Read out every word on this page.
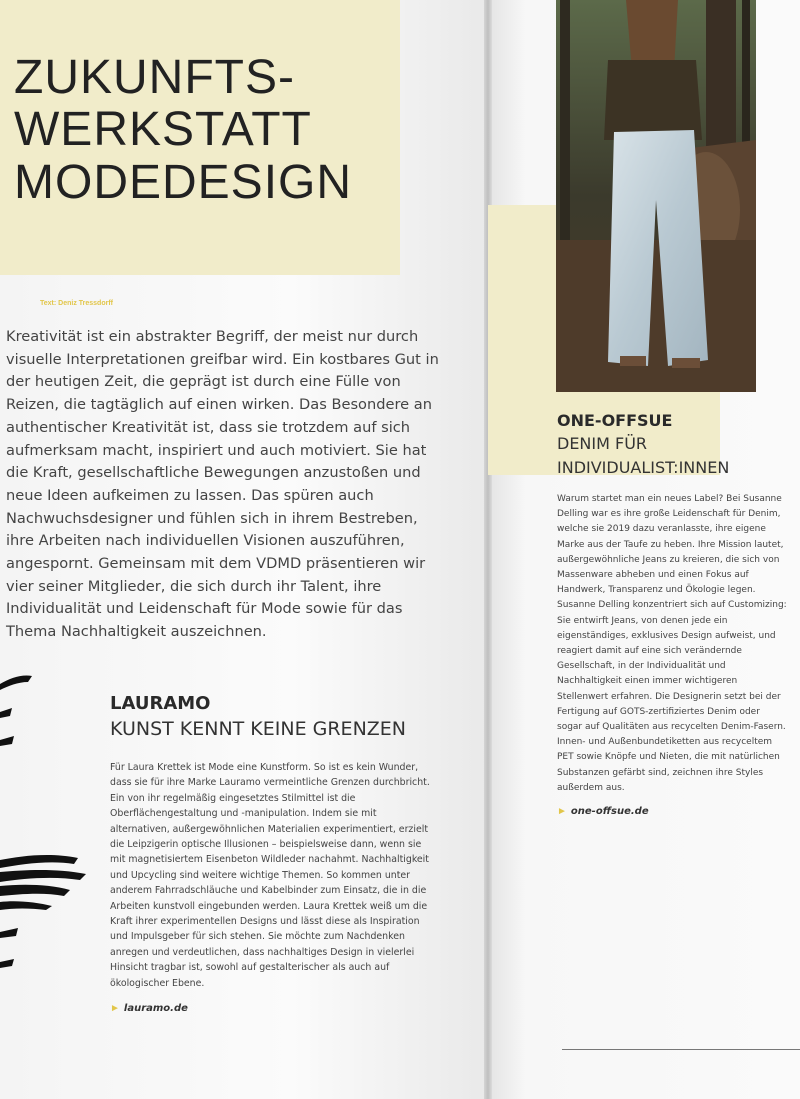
ZUKUNFTS-
WERKSTATT
MODEDESIGN
Text: Deniz Tressdorff

Kreativität ist ein abstrakter Begriff, der meist nur durch visuelle Interpretationen greifbar wird. Ein kostbares Gut in der heutigen Zeit, die geprägt ist durch eine Fülle von Reizen, die tagtäglich auf einen wirken. Das Besondere an authentischer Kreativität ist, dass sie trotzdem auf sich aufmerksam macht, inspiriert und auch motiviert. Sie hat die Kraft, gesellschaftliche Bewegungen anzustoßen und neue Ideen aufkeimen zu lassen. Das spüren auch Nachwuchsdesigner und fühlen sich in ihrem Bestreben, ihre Arbeiten nach individuellen Visionen auszuführen, angespornt. Gemeinsam mit dem VDMD präsentieren wir vier seiner Mitglieder, die sich durch ihr Talent, ihre Individualität und Leidenschaft für Mode sowie für das Thema Nachhaltigkeit auszeichnen.

LAURAMO
KUNST KENNT KEINE GRENZEN

Für Laura Krettek ist Mode eine Kunstform. So ist es kein Wunder, dass sie für ihre Marke Lauramo vermeintliche Grenzen durchbricht. Ein von ihr regelmäßig eingesetztes Stilmittel ist die Oberflächengestaltung und -manipulation. Indem sie mit alternativen, außergewöhnlichen Materialien experimentiert, erzielt die Leipzigerin optische Illusionen – beispielsweise dann, wenn sie mit magnetisiertem Eisenbeton Wildleder nachahmt. Nachhaltigkeit und Upcycling sind weitere wichtige Themen. So kommen unter anderem Fahrradschläuche und Kabelbinder zum Einsatz, die in die Arbeiten kunstvoll eingebunden werden. Laura Krettek weiß um die Kraft ihrer experimentellen Designs und lässt diese als Inspiration und Impulsgeber für sich stehen. Sie möchte zum Nachdenken anregen und verdeutlichen, dass nachhaltiges Design in vielerlei Hinsicht tragbar ist, sowohl auf gestalterischer als auch auf ökologischer Ebene.

► lauramo.de
ONE-OFFSUE
DENIM FÜR
INDIVIDUALIST:INNEN

Warum startet man ein neues Label? Bei Susanne Delling war es ihre große Leidenschaft für Denim, welche sie 2019 dazu veranlasste, ihre eigene Marke aus der Taufe zu heben. Ihre Mission lautet, außergewöhnliche Jeans zu kreieren, die sich von Massenware abheben und einen Fokus auf Handwerk, Transparenz und Ökologie legen. Susanne Delling konzentriert sich auf Customizing: Sie entwirft Jeans, von denen jede ein eigenständiges, exklusives Design aufweist, und reagiert damit auf eine sich verändernde Gesellschaft, in der Individualität und Nachhaltigkeit einen immer wichtigeren Stellenwert erfahren. Die Designerin setzt bei der Fertigung auf GOTS-zertifiziertes Denim oder sogar auf Qualitäten aus recycelten Denim-Fasern. Innen- und Außenbundetiketten aus recyceltem PET sowie Knöpfe und Nieten, die mit natürlichen Substanzen gefärbt sind, zeichnen ihre Styles außerdem aus.

► one-offsue.de
